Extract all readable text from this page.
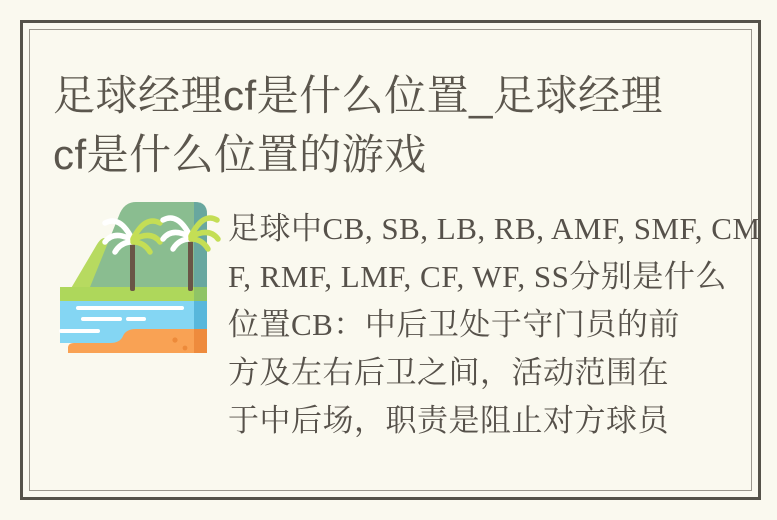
足球经理cf是什么位置_足球经理
cf是什么位置的游戏
足球中CB, SB, LB, RB, AMF, SMF, CM
F, RMF, LMF, CF, WF, SS分别是什么
位置CB：中后卫处于守门员的前
方及左右后卫之间，活动范围在
于中后场，职责是阻止对方球员
